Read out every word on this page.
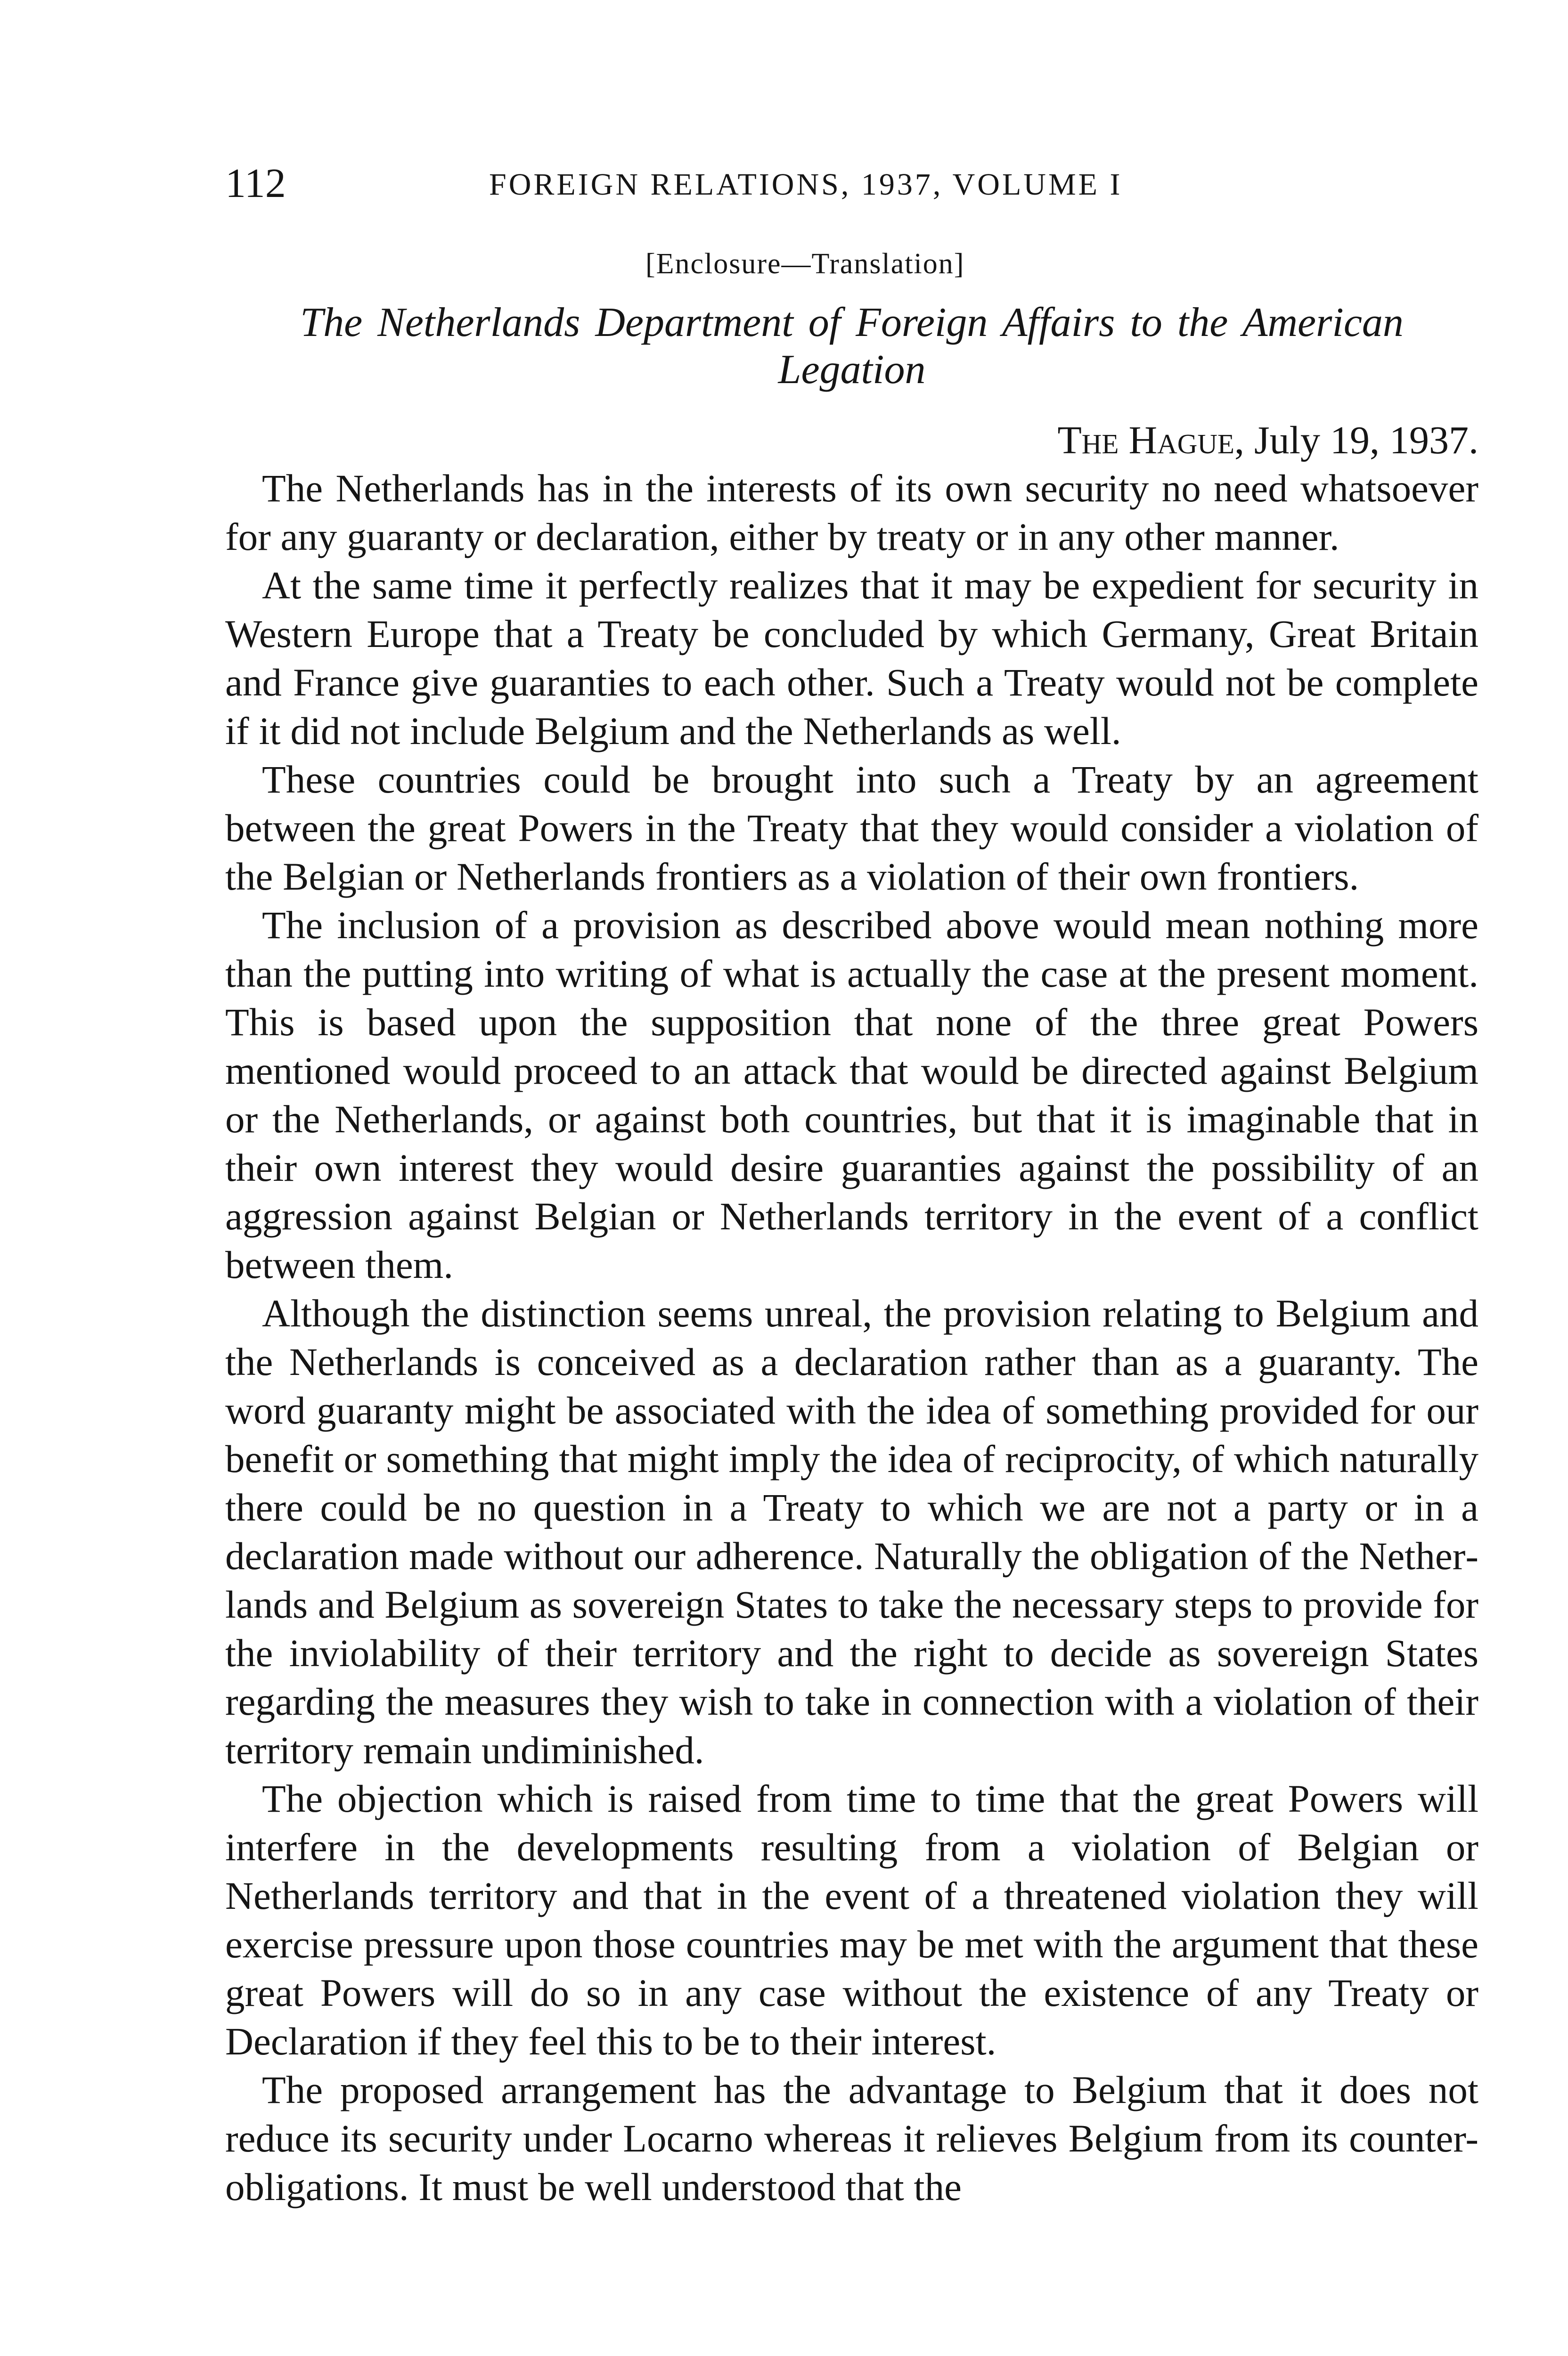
112	FOREIGN RELATIONS, 1937, VOLUME I
[Enclosure—Translation]
The Netherlands Department of Foreign Affairs to the American
Legation
The Hague, July 19, 1937.

The Netherlands has in the interests of its own security no need whatsoever for any guaranty or declaration, either by treaty or in any other manner.

At the same time it perfectly realizes that it may be expedient for security in Western Europe that a Treaty be concluded by which Germany, Great Britain and France give guaranties to each other. Such a Treaty would not be complete if it did not include Belgium and the Netherlands as well.

These countries could be brought into such a Treaty by an agreement between the great Powers in the Treaty that they would consider a violation of the Belgian or Netherlands frontiers as a violation of their own frontiers.

The inclusion of a provision as described above would mean nothing more than the putting into writing of what is actually the case at the present moment. This is based upon the supposition that none of the three great Powers mentioned would proceed to an attack that would be directed against Belgium or the Netherlands, or against both countries, but that it is imaginable that in their own interest they would desire guaranties against the possibility of an aggression against Belgian or Netherlands territory in the event of a conflict between them.

Although the distinction seems unreal, the provision relating to Belgium and the Netherlands is conceived as a declaration rather than as a guaranty. The word guaranty might be associated with the idea of something provided for our benefit or something that might imply the idea of reciprocity, of which naturally there could be no question in a Treaty to which we are not a party or in a declaration made without our adherence. Naturally the obligation of the Netherlands and Belgium as sovereign States to take the necessary steps to provide for the inviolability of their territory and the right to decide as sovereign States regarding the measures they wish to take in connection with a violation of their territory remain undiminished.

The objection which is raised from time to time that the great Powers will interfere in the developments resulting from a violation of Belgian or Netherlands territory and that in the event of a threatened violation they will exercise pressure upon those countries may be met with the argument that these great Powers will do so in any case without the existence of any Treaty or Declaration if they feel this to be to their interest.

The proposed arrangement has the advantage to Belgium that it does not reduce its security under Locarno whereas it relieves Belgium from its counter-obligations. It must be well understood that the
